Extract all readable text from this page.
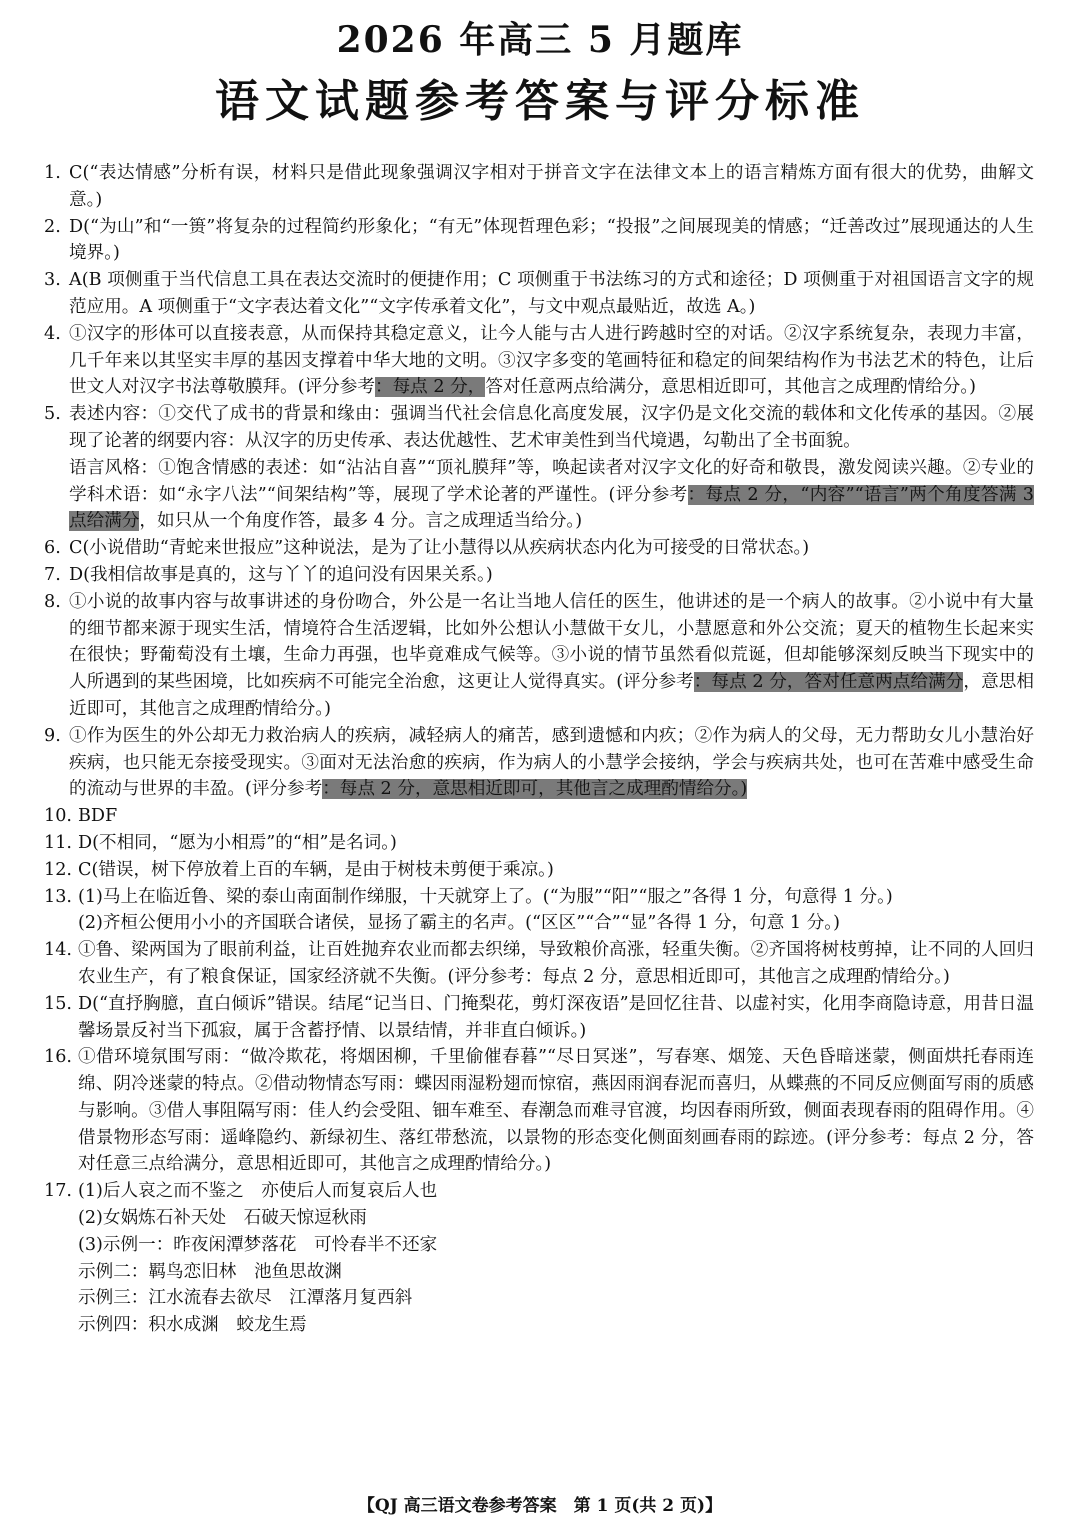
2026 年高三 5 月题库
语文试题参考答案与评分标准
1. C(“表达情感”分析有误，材料只是借此现象强调汉字相对于拼音文字在法律文本上的语言精炼方面有很大的优势，曲解文意。)
2. D(“为山”和“一篑”将复杂的过程简约形象化；“有无”体现哲理色彩；“投报”之间展现美的情感；“迁善改过”展现通达的人生境界。)
3. A(B 项侧重于当代信息工具在表达交流时的便捷作用；C 项侧重于书法练习的方式和途径；D 项侧重于对祖国语言文字的规范应用。A 项侧重于“文字表达着文化”“文字传承着文化”，与文中观点最贴近，故选 A。)
4. ①汉字的形体可以直接表意，从而保持其稳定意义，让今人能与古人进行跨越时空的对话。②汉字系统复杂，表现力丰富，几千年来以其坚实丰厚的基因支撑着中华大地的文明。③汉字多变的笔画特征和稳定的间架结构作为书法艺术的特色，让后世文人对汉字书法尊敬膜拜。(评分参考：每点 2 分，答对任意两点给满分，意思相近即可，其他言之成理酌情给分。)
5. 表述内容：①交代了成书的背景和缘由：强调当代社会信息化高度发展，汉字仍是文化交流的载体和文化传承的基因。②展现了论著的纲要内容：从汉字的历史传承、表达优越性、艺术审美性到当代境遇，勾勒出了全书面貌。
语言风格：①饱含情感的表述：如“沾沾自喜”“顶礼膜拜”等，唤起读者对汉字文化的好奇和敬畏，激发阅读兴趣。②专业的学科术语：如“永字八法”“间架结构”等，展现了学术论著的严谨性。(评分参考：每点 2 分，“内容”“语言”两个角度答满 3 点给满分，如只从一个角度作答，最多 4 分。言之成理适当给分。)
6. C(小说借助“青蛇来世报应”这种说法，是为了让小慧得以从疾病状态内化为可接受的日常状态。)
7. D(我相信故事是真的，这与丫丫的追问没有因果关系。)
8. ①小说的故事内容与故事讲述的身份吻合，外公是一名让当地人信任的医生，他讲述的是一个病人的故事。②小说中有大量的细节都来源于现实生活，情境符合生活逻辑，比如外公想认小慧做干女儿，小慧愿意和外公交流；夏天的植物生长起来实在很快；野葡萄没有土壤，生命力再强，也毕竟难成气候等。③小说的情节虽然看似荒诞，但却能够深刻反映当下现实中的人所遇到的某些困境，比如疾病不可能完全治愈，这更让人觉得真实。(评分参考：每点 2 分，答对任意两点给满分，意思相近即可，其他言之成理酌情给分。)
9. ①作为医生的外公却无力救治病人的疾病，减轻病人的痛苦，感到遗憾和内疚；②作为病人的父母，无力帮助女儿小慧治好疾病，也只能无奈接受现实。③面对无法治愈的疾病，作为病人的小慧学会接纳，学会与疾病共处，也可在苦难中感受生命的流动与世界的丰盈。(评分参考：每点 2 分，意思相近即可，其他言之成理酌情给分。)
10. BDF
11. D(不相同，“愿为小相焉”的“相”是名词。)
12. C(错误，树下停放着上百的车辆，是由于树枝未剪便于乘凉。)
13. (1)马上在临近鲁、梁的泰山南面制作绨服，十天就穿上了。(“为服”“阳”“服之”各得 1 分，句意得 1 分。)
(2)齐桓公便用小小的齐国联合诸侯，显扬了霸主的名声。(“区区”“合”“显”各得 1 分，句意 1 分。)
14. ①鲁、梁两国为了眼前利益，让百姓抛弃农业而都去织绨，导致粮价高涨，轻重失衡。②齐国将树枝剪掉，让不同的人回归农业生产，有了粮食保证，国家经济就不失衡。(评分参考：每点 2 分，意思相近即可，其他言之成理酌情给分。)
15. D(“直抒胸臆，直白倾诉”错误。结尾“记当日、门掩梨花，剪灯深夜语”是回忆往昔、以虚衬实，化用李商隐诗意，用昔日温馨场景反衬当下孤寂，属于含蓄抒情、以景结情，并非直白倾诉。)
16. ①借环境氛围写雨：“做冷欺花，将烟困柳，千里偷催春暮”“尽日冥迷”，写春寒、烟笼、天色昏暗迷蒙，侧面烘托春雨连绵、阴冷迷蒙的特点。②借动物情态写雨：蝶因雨湿粉翅而惊宿，燕因雨润春泥而喜归，从蝶燕的不同反应侧面写雨的质感与影响。③借人事阻隔写雨：佳人约会受阻、钿车难至、春潮急而难寻官渡，均因春雨所致，侧面表现春雨的阻碍作用。④借景物形态写雨：遥峰隐约、新绿初生、落红带愁流，以景物的形态变化侧面刻画春雨的踪迹。(评分参考：每点 2 分，答对任意三点给满分，意思相近即可，其他言之成理酌情给分。)
17. (1)后人哀之而不鉴之　亦使后人而复哀后人也
(2)女娲炼石补天处　石破天惊逗秋雨
(3)示例一：昨夜闲潭梦落花　可怜春半不还家
示例二：羁鸟恋旧林　池鱼思故渊
示例三：江水流春去欲尽　江潭落月复西斜
示例四：积水成渊　蛟龙生焉
【QJ 高三语文卷参考答案　第 1 页(共 2 页)】
